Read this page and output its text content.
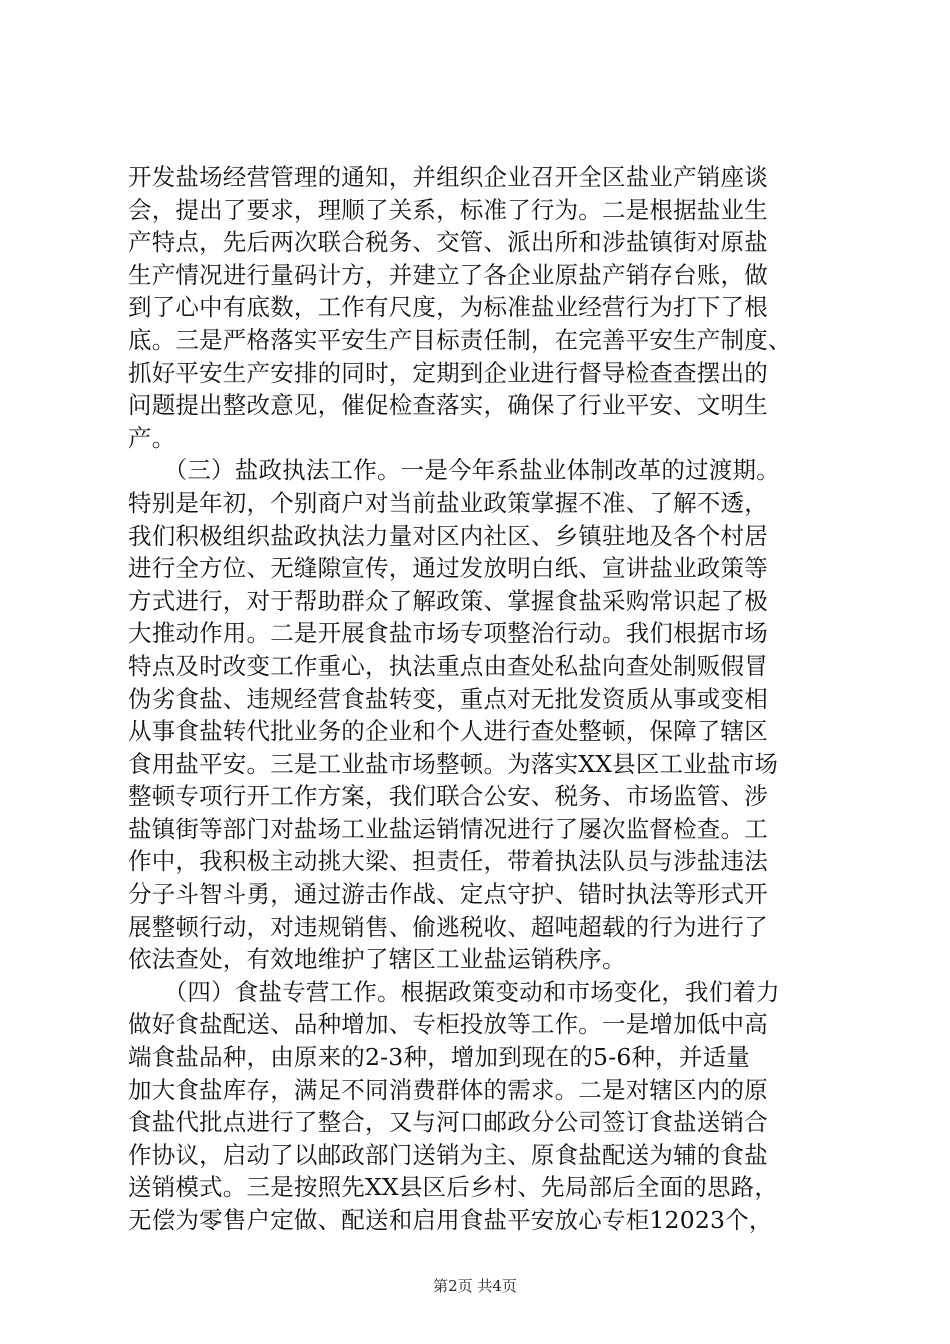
开发盐场经营管理的通知，并组织企业召开全区盐业产销座谈
会，提出了要求，理顺了关系，标准了行为。二是根据盐业生
产特点，先后两次联合税务、交管、派出所和涉盐镇街对原盐
生产情况进行量码计方，并建立了各企业原盐产销存台账，做
到了心中有底数，工作有尺度，为标准盐业经营行为打下了根
底。三是严格落实平安生产目标责任制，在完善平安生产制度、
抓好平安生产安排的同时，定期到企业进行督导检查查摆出的
问题提出整改意见，催促检查落实，确保了行业平安、文明生
产。
　　（三）盐政执法工作。一是今年系盐业体制改革的过渡期。
特别是年初，个别商户对当前盐业政策掌握不准、了解不透，
我们积极组织盐政执法力量对区内社区、乡镇驻地及各个村居
进行全方位、无缝隙宣传，通过发放明白纸、宣讲盐业政策等
方式进行，对于帮助群众了解政策、掌握食盐采购常识起了极
大推动作用。二是开展食盐市场专项整治行动。我们根据市场
特点及时改变工作重心，执法重点由查处私盐向查处制贩假冒
伪劣食盐、违规经营食盐转变，重点对无批发资质从事或变相
从事食盐转代批业务的企业和个人进行查处整顿，保障了辖区
食用盐平安。三是工业盐市场整顿。为落实XX县区工业盐市场
整顿专项行开工作方案，我们联合公安、税务、市场监管、涉
盐镇街等部门对盐场工业盐运销情况进行了屡次监督检查。工
作中，我积极主动挑大梁、担责任，带着执法队员与涉盐违法
分子斗智斗勇，通过游击作战、定点守护、错时执法等形式开
展整顿行动，对违规销售、偷逃税收、超吨超载的行为进行了
依法查处，有效地维护了辖区工业盐运销秩序。
　　（四）食盐专营工作。根据政策变动和市场变化，我们着力
做好食盐配送、品种增加、专柜投放等工作。一是增加低中高
端食盐品种，由原来的2-3种，增加到现在的5-6种，并适量
加大食盐库存，满足不同消费群体的需求。二是对辖区内的原
食盐代批点进行了整合，又与河口邮政分公司签订食盐送销合
作协议，启动了以邮政部门送销为主、原食盐配送为辅的食盐
送销模式。三是按照先XX县区后乡村、先局部后全面的思路，
无偿为零售户定做、配送和启用食盐平安放心专柜12023个，
第2页 共4页
